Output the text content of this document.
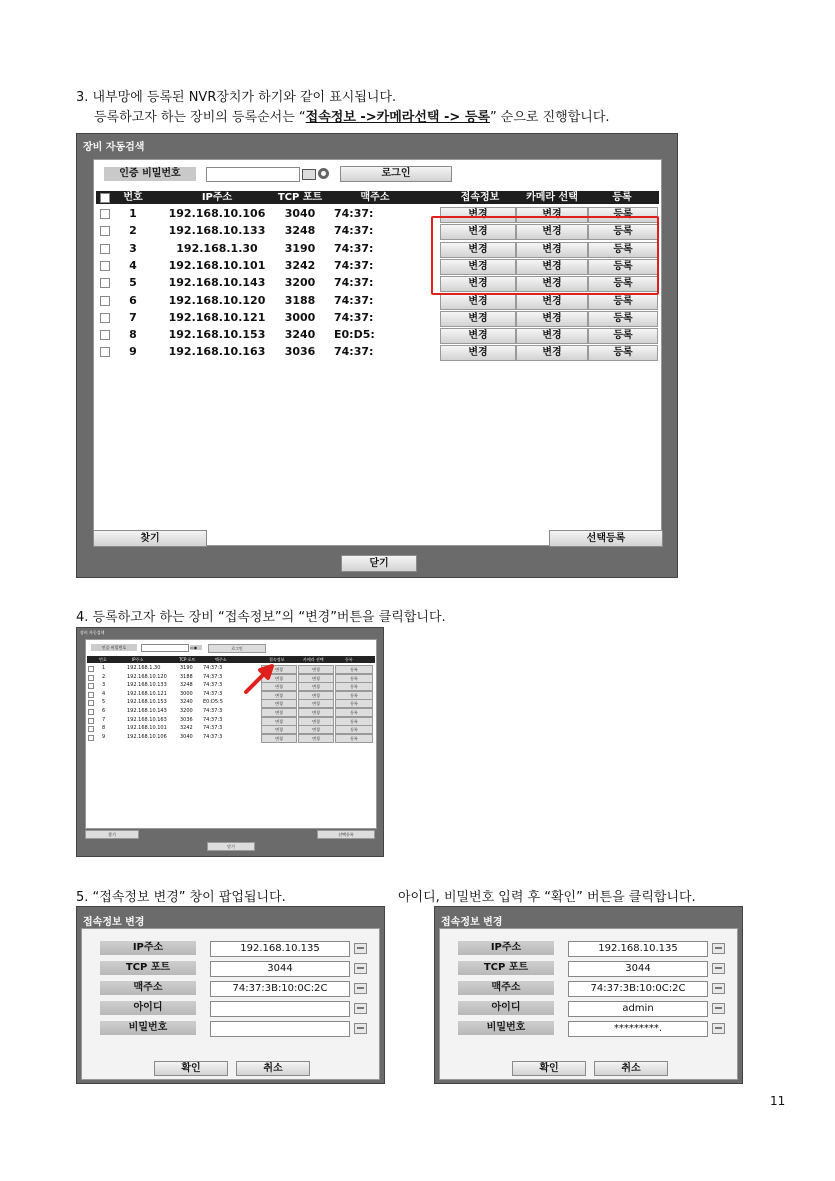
3. 내부망에 등록된 NVR장치가 하기와 같이 표시됩니다.
등록하고자 하는 장비의 등록순서는 “접속정보 ->카메라선택 -> 등록” 순으로 진행합니다.
장비 자동검색
인증 비밀번호	로그인
번호	IP주소	TCP 포트	맥주소	접속정보	카메라 선택	등록
1	192.168.10.106	3040	74:37:	변경	변경	등록
2	192.168.10.133	3248	74:37:	변경	변경	등록
3	192.168.1.30	3190	74:37:	변경	변경	등록
4	192.168.10.101	3242	74:37:	변경	변경	등록
5	192.168.10.143	3200	74:37:	변경	변경	등록
6	192.168.10.120	3188	74:37:	변경	변경	등록
7	192.168.10.121	3000	74:37:	변경	변경	등록
8	192.168.10.153	3240	E0:D5:	변경	변경	등록
9	192.168.10.163	3036	74:37:	변경	변경	등록
찾기	선택등록
닫기
4. 등록하고자 하는 장비 “접속정보”의 “변경”버튼을 클릭합니다.
장비 자동검색
인증 비밀번호	▭◉	로그인
번호	IP주소	TCP 포트	맥주소	접속정보	카메라 선택	등록
1	192.168.1.30	3190 74:37:3	변경	변경	등록
2	192.168.10.120	3188 74:37:3	변경	변경	등록
3	192.168.10.133	3248 74:37:3	변경	변경	등록
4	192.168.10.121	3000 74:37:3	변경	변경	등록
5	192.168.10.153	3240 E0:D5:5	변경	변경	등록
6	192.168.10.143	3200 74:37:3	변경	변경	등록
7	192.168.10.163	3036 74:37:3	변경	변경	등록
8	192.168.10.101	3242 74:37:3	변경	변경	등록
9	192.168.10.106	3040 74:37:3	변경	변경	등록
찾기	선택등록
닫기
5. “접속정보 변경” 창이 팝업됩니다.	아이디, 비밀번호 입력 후 “확인” 버튼을 클릭합니다.
접속정보 변경
IP주소	192.168.10.135
TCP 포트	3044
맥주소	74:37:3B:10:0C:2C
아이디
비밀번호
확인	취소
접속정보 변경
IP주소	192.168.10.135
TCP 포트	3044
맥주소	74:37:3B:10:0C:2C
아이디	admin
비밀번호	*********.
확인	취소
11
